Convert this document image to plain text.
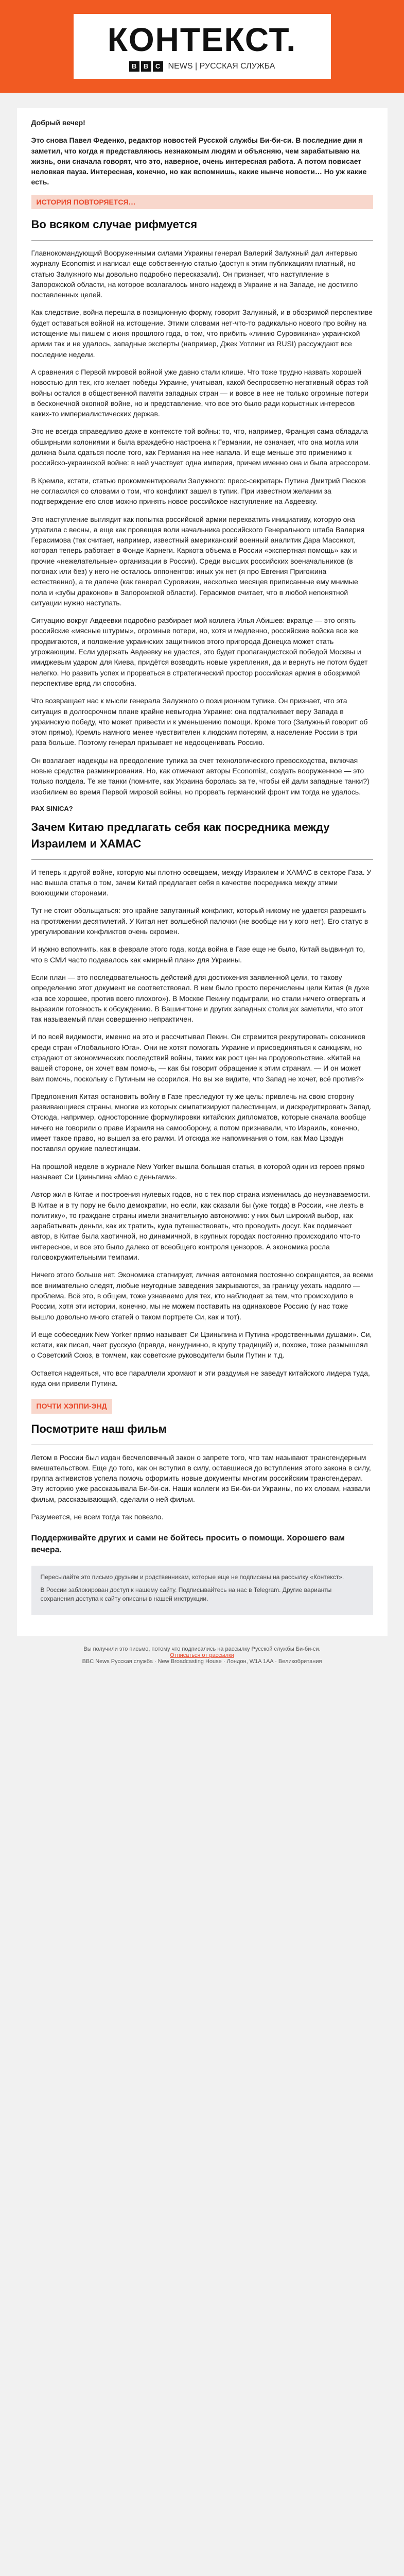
КОНТЕКСТ.
B	B	C NEWS | РУССКАЯ СЛУЖБА

Добрый вечер!

Это снова Павел Феденко, редактор новостей Русской службы Би-би-си. В последние дни я заметил, что когда я представляюсь незнакомым людям и объясняю, чем зарабатываю на жизнь, они сначала говорят, что это, наверное, очень интересная работа. А потом повисает неловкая пауза. Интересная, конечно, но как вспомнишь, какие нынче новости… Но уж какие есть.

ИСТОРИЯ ПОВТОРЯЕТСЯ…
Во всяком случае рифмуется

Главнокомандующий Вооруженными силами Украины генерал Валерий Залужный дал интервью журналу Economist и написал еще собственную статью (доступ к этим публикациям платный, но статью Залужного мы довольно подробно пересказали). Он признает, что наступление в Запорожской области, на которое возлагалось много надежд в Украине и на Западе, не достигло поставленных целей.

Как следствие, война перешла в позиционную форму, говорит Залужный, и в обозримой перспективе будет оставаться войной на истощение. Этими словами нет-что-то радикально нового про войну на истощение мы пишем с июня прошлого года, о том, что прибить «линию Суровикина» украинской армии так и не удалось, западные эксперты (например, Джек Уотлинг из RUSI) рассуждают все последние недели.

А сравнения с Первой мировой войной уже давно стали клише. Что тоже трудно назвать хорошей новостью для тех, кто желает победы Украине, учитывая, какой беспросветно негативный образ той войны остался в общественной памяти западных стран — и вовсе в нее не только огромные потери в бесконечной окопной войне, но и представление, что все это было ради корыстных интересов каких-то империалистических держав.

Это не всегда справедливо даже в контексте той войны: то, что, например, Франция сама обладала обширными колониями и была враждебно настроена к Германии, не означает, что она могла или должна была сдаться после того, как Германия на нее напала. И еще меньше это применимо к российско-украинской войне: в ней участвует одна империя, причем именно она и была агрессором.

В Кремле, кстати, статью прокомментировали Залужного: пресс-секретарь Путина Дмитрий Песков не согласился со словами о том, что конфликт зашел в тупик. При известном желании за подтверждение его слов можно принять новое российское наступление на Авдеевку.

Это наступление выглядит как попытка российской армии перехватить инициативу, которую она утратила с весны, а еще как провещая воли начальника российского Генерального штаба Валерия Герасимова (так считает, например, известный американский военный аналитик Дара Массикот, которая теперь работает в Фонде Карнеги. Каркота объема в России «экспертная помощь» как и прочие «нежелательные» организации в России). Среди высших российских военачальников (в погонах или без) у него не осталось оппонентов: иных уж нет (я про Евгения Пригожина естественно), а те далече (как генерал Суровикин, несколько месяцев приписанные ему мнимые пола и «зубы драконов» в Запорожской области). Герасимов считает, что в любой непонятной ситуации нужно наступать.

Ситуацию вокруг Авдеевки подробно разбирает мой коллега Илья Абишев: вкратце — это опять российские «мясные штурмы», огромные потери, но, хотя и медленно, российские войска все же продвигаются, и положение украинских защитников этого пригорода Донецка может стать угрожающим. Если удержать Авдеевку не удастся, это будет пропагандистской победой Москвы и имиджевым ударом для Киева, придётся возводить новые укрепления, да и вернуть не потом будет нелегко. Но развить успех и прорваться в стратегический простор российская армия в обозримой перспективе вряд ли способна.

Что возвращает нас к мысли генерала Залужного о позиционном тупике. Он признает, что эта ситуация в долгосрочном плане крайне невыгодна Украине: она подталкивает веру Запада в украинскую победу, что может привести и к уменьшению помощи. Кроме того (Залужный говорит об этом прямо), Кремль намного менее чувствителен к людским потерям, а население России в три раза больше. Поэтому генерал призывает не недооценивать Россию.

Он возлагает надежды на преодоление тупика за счет технологического превосходства, включая новые средства разминирования. Но, как отмечают авторы Economist, создать вооруженное — это только полдела. Те же танки (помните, как Украина боролась за те, чтобы ей дали западные танки?) изобилием во время Первой мировой войны, но прорвать германский фронт им тогда не удалось.

РАХ SINICA?
Зачем Китаю предлагать себя как посредника между Израилем и ХАМАС

И теперь к другой войне, которую мы плотно освещаем, между Израилем и ХАМАС в секторе Газа. У нас вышла статья о том, зачем Китай предлагает себя в качестве посредника между этими воюющими сторонами.

Тут не стоит обольщаться: это крайне запутанный конфликт, который никому не удается разрешить на протяжении десятилетий. У Китая нет волшебной палочки (не вообще ни у кого нет). Его статус в урегулировании конфликтов очень скромен.

И нужно вспомнить, как в феврале этого года, когда война в Газе еще не было, Китай выдвинул то, что в СМИ часто подавалось как «мирный план» для Украины.

Если план — это последовательность действий для достижения заявленной цели, то такову определению этот документ не соответствовал. В нем было просто перечислены цели Китая (в духе «за все хорошее, против всего плохого»). В Москве Пекину подыграли, но стали ничего отвергать и выразили готовность к обсуждению. В Вашингтоне и других западных столицах заметили, что этот так называемый план совершенно непрактичен.

И по всей видимости, именно на это и рассчитывал Пекин. Он стремится рекрутировать союзников среди стран «Глобального Юга». Они не хотят помогать Украине и присоединяться к санкциям, но страдают от экономических последствий войны, таких как рост цен на продовольствие. «Китай на вашей стороне, он хочет вам помочь, — как бы говорит обращение к этим странам. — И он может вам помочь, поскольку с Путиным не ссорился. Но вы же видите, что Запад не хочет, всё против?»

Предложения Китая остановить войну в Газе преследуют ту же цель: привлечь на свою сторону развивающиеся страны, многие из которых симпатизируют палестинцам, и дискредитировать Запад. Отсюда, например, односторонние формулировки китайских дипломатов, которые сначала вообще ничего не говорили о праве Израиля на самооборону, а потом признавали, что Израиль, конечно, имеет такое право, но вышел за его рамки. И отсюда же напоминания о том, как Мао Цзэдун поставлял оружие палестинцам.

На прошлой неделе в журнале New Yorker вышла большая статья, в которой один из героев прямо называет Си Цзиньпина «Мао с деньгами».

Автор жил в Китае и построения нулевых годов, но с тех пор страна изменилась до неузнаваемости. В Китае и в ту пору не было демократии, но если, как сказали бы (уже тогда) в России, «не лезть в политику», то граждане страны имели значительную автономию: у них был широкий выбор, как зарабатывать деньги, как их тратить, куда путешествовать, что проводить досуг. Как подмечает автор, в Китае была хаотичной, но динамичной, в крупных городах постоянно происходило что-то интересное, и все это было далеко от всеобщего контроля цензоров. А экономика росла головокружительными темпами.

Ничего этого больше нет. Экономика стагнирует, личная автономия постоянно сокращается, за всеми все внимательно следят, любые неугодные заведения закрываются, за границу уехать надолго — проблема. Всё это, в общем, тоже узнаваемо для тех, кто наблюдает за тем, что происходило в России, хотя эти истории, конечно, мы не можем поставить на одинаковое Россию (у нас тоже вышло довольно много статей о таком портрете Си, как и тот).

И еще собеседник New Yorker прямо называет Си Цзиньпина и Путина «родственными душами». Си, кстати, как писал, чает русскую (правда, ненуднинно, в крупу традиций) и, похоже, тоже размышлял о Советский Союз, в томчем, как советские руководители были Путин и т.д.

Остается надеяться, что все параллели хромают и эти раздумья не заведут китайского лидера туда, куда они привели Путина.

ПОЧТИ ХЭППИ-ЭНД
Посмотрите наш фильм

Летом в России был издан бесчеловечный закон о запрете того, что там называют трансгендерным вмешательством. Еще до того, как он вступил в силу, оставшиеся до вступления этого закона в силу, группа активистов успела помочь оформить новые документы многим российским трансгендерам. Эту историю уже рассказывала Би-би-си. Наши коллеги из Би-би-си Украины, по их словам, назвали фильм, рассказывающий, сделали о ней фильм.

Разумеется, не всем тогда так повезло.

Поддерживайте других и сами не бойтесь просить о помощи. Хорошего вам вечера.

Пересылайте это письмо друзьям и родственникам, которые еще не подписаны на рассылку «Контекст».

В России заблокирован доступ к нашему сайту. Подписывайтесь на нас в Telegram. Другие варианты сохранения доступа к сайту описаны в нашей инструкции.

Вы получили это письмо, потому что подписались на рассылку Русской службы Би-би-си.
Отписаться от рассылки
BBC News Русская служба · New Broadcasting House · Лондон, W1A 1AA · Великобритания
